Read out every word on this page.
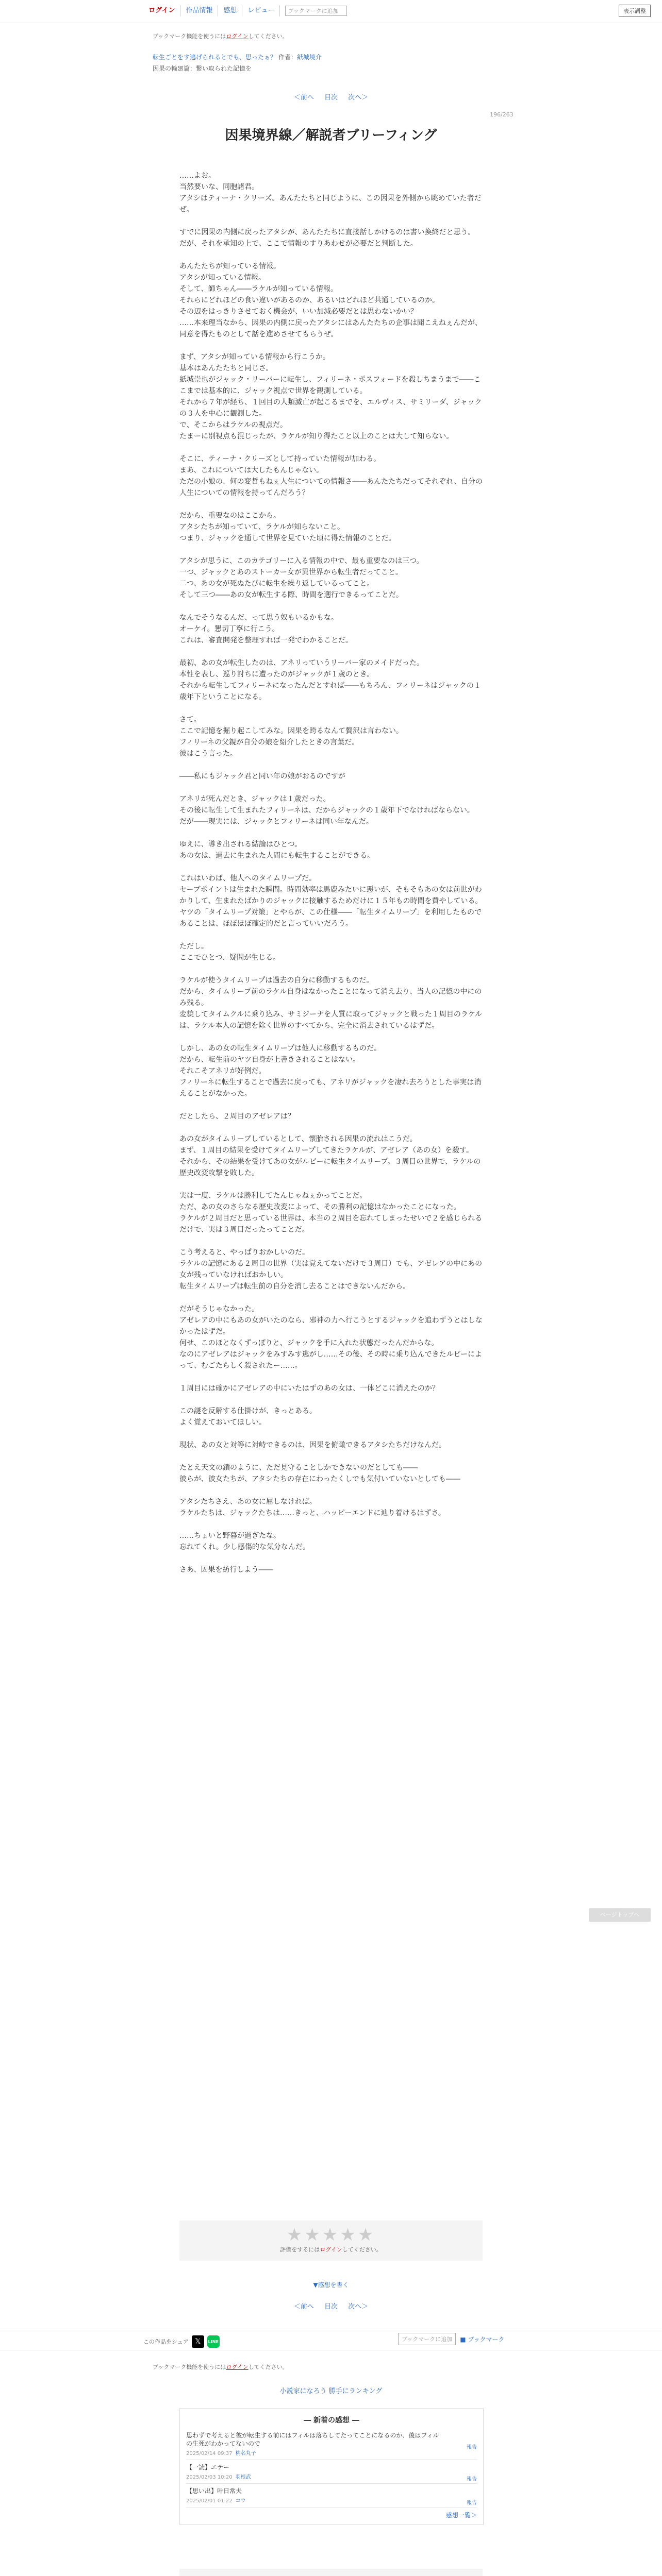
ログイン	作品情報	感想	レビュー	ブックマークに追加	表示調整
ブックマーク機能を使うにはログインしてください。
転生ごとをす逃げられるとでも、思ったぁ？ 作者：紙城境介
因果の輪廻篇：繋い取られた記憶を
＜前へ 目次 次へ＞
196/263
因果境界線／解説者ブリーフィング
……よお。
当然要いな、同胞諸君。
アタシはティーナ・クリーズ。あんたたちと同じように、この因果を外側から眺めていた者だぜ。
すでに因果の内側に戻ったアタシが、あんたたちに直接話しかけるのは書い換終だと思う。
だが、それを承知の上で、ここで情報のすりあわせが必要だと判断した。
あんたたちが知っている情報。
アタシが知っている情報。
そして、師ちゃん――ラケルが知っている情報。
それらにどれほどの食い違いがあるのか、あるいはどれほど共通しているのか。
その辺をはっきりさせておく機会が、いい加減必要だとは思わないかい？
……本来理当なから、因果の内側に戻ったアタシにはあんたたちの企事は聞こえねぇんだが、同意を得たものとして話を進めさせてもらうぜ。
まず、アタシが知っている情報から行こうか。
基本はあんたたちと同じさ。
紙城崇也がジャック・リーバーに転生し、フィリーネ・ポスフォードを殺しちまうまで――ここまでは基本的に、ジャック視点で世界を観測している。
それから７年が経ち、１回目の人類滅亡が起こるまでを、エルヴィス、サミリーダ、ジャックの３人を中心に観測した。
で、そこからはラケルの視点だ。
たまーに別視点も混じったが、ラケルが知り得たこと以上のことは大して知らない。
そこに、ティーナ・クリーズとして持っていた情報が加わる。
まあ、これについては大したもんじゃない。
ただの小娘の、何の変哲もねぇ人生についての情報さ――あんたたちだってそれぞれ、自分の人生についての情報を持ってんだろう？
だから、重要なのはここから。
アタシたちが知っていて、ラケルが知らないこと。
つまり、ジャックを通して世界を見ていた頃に得た情報のことだ。
アタシが思うに、このカテゴリーに入る情報の中で、最も重要なのは三つ。
一つ、ジャックとあのストーカー女が異世界から転生者だってこと。
二つ、あの女が死ぬたびに転生を繰り返しているってこと。
そして三つ――あの女が転生する際、時間を遡行できるってことだ。
なんでそうなるんだ、って思う奴もいるかもな。
オーケイ。懇切丁寧に行こう。
これは、審査開発を整理すれば一発でわかることだ。
最初、あの女が転生したのは、アネリっていうリーバー家のメイドだった。
本性を表し、巡り討ちに遭ったのがジャックが１歳のとき。
それから転生してフィリーネになったんだとすれば――もちろん、フィリーネはジャックの１歳年下ということになる。
さて。
ここで記憶を掘り起こしてみな。因果を跨るなんて贅沢は言わない。
フィリーネの父親が自分の娘を紹介したときの言葉だ。
彼はこう言った。
――私にもジャック君と同い年の娘がおるのですが
アネリが死んだとき、ジャックは１歳だった。
その後に転生して生まれたフィリーネは、だからジャックの１歳年下でなければならない。
だが――現実には、ジャックとフィリーネは同い年なんだ。
ゆえに、導き出される結論はひとつ。
あの女は、過去に生まれた人間にも転生することができる。
これはいわば、他人へのタイムリープだ。
セーブポイントは生まれた瞬間。時間効率は馬鹿みたいに悪いが、そもそもあの女は前世がわかりして、生まれたばかりのジャックに接触するためだけに１５年もの時間を費やしている。
ヤツの「タイムリープ対策」とやらが、この仕様――「転生タイムリープ」を利用したものであることは、ほぼほぼ確定的だと言っていいだろう。
ただし。
ここでひとつ、疑問が生じる。
ラケルが使うタイムリープは過去の自分に移動するものだ。
だから、タイムリープ前のラケル自身はなかったことになって消え去り、当人の記憶の中にのみ残る。
変貌してタイムクルに乗り込み、サミジーナを人質に取ってジャックと戦った１周目のラケルは、ラケル本人の記憶を除く世界のすべてから、完全に消去されているはずだ。
しかし、あの女の転生タイムリープは他人に移動するものだ。
だから、転生前のヤツ自身が上書きされることはない。
それこそアネリが好例だ。
フィリーネに転生することで過去に戻っても、アネリがジャックを凄れ去ろうとした事実は消えることがなかった。
だとしたら、２周目のアゼレアは？
あの女がタイムリープしているとして、懐胎される因果の流れはこうだ。
まず、１周目の結果を受けてタイムリープしてきたラケルが、アゼレア（あの女）を殺す。
それから、その結果を受けてあの女がルビーに転生タイムリープ。３周目の世界で、ラケルの歴史改変攻撃を敗した。
実は一度、ラケルは勝利してたんじゃねぇかってことだ。
ただ、あの女のさらなる歴史改変によって、その勝利の記憶はなかったことになった。
ラケルが２周目だと思っている世界は、本当の２周目を忘れてしまったせいで２を感じられるだけで、実は３周目だったってことだ。
こう考えると、やっぱりおかしいのだ。
ラケルの記憶にある２周目の世界（実は覚えてないだけで３周目）でも、アゼレアの中にあの女が残っていなければおかしい。
転生タイムリープは転生前の自分を消し去ることはできないんだから。
だがそうじゃなかった。
アゼレアの中にもあの女がいたのなら、邪神の力へ行こうとするジャックを追わずうとはしなかったはずだ。
何せ、このほとなくずっぽりと、ジャックを手に入れた状態だったんだからな。
なのにアゼレアはジャックをみすみす逃がし……その後、その時に乗り込んできたルビーによって、むごたらしく殺されたー……。
１周目には確かにアゼレアの中にいたはずのあの女は、一体どこに消えたのか？
この謎を反解する仕掛けが、きっとある。
よく覚えておいてほしい。
現状、あの女と対等に対峙できるのは、因果を俯瞰できるアタシたちだけなんだ。
たとえ天文の鎖のように、ただ見守ることしかできないのだとしても――
彼らが、彼女たちが、アタシたちの存在にわったくしでも気付いていないとしても――
アタシたちさえ、あの女に屈しなければ。
ラケルたちは、ジャックたちは……きっと、ハッピーエンドに辿り着けるはずさ。
……ちょいと野暮が過ぎたな。
忘れてくれ。少し感傷的な気分なんだ。
さあ、因果を紡行しよう――
★★★★★
評価をするにはログインしてください。
▼感想を書く
＜前へ 目次 次へ＞
この作品をシェア 𝕏	LINE	ブックマークに追加	■ ブックマーク
ブックマーク機能を使うにはログインしてください。
小説家になろう 勝手にランキング
― 新着の感想 ―
思わずで考えると彼が転生する前にはフィルは落ちしてたってことになるのか、後はフィルの生死がわかってないので
2025/02/14 09:37 桃名丸子
報告
【一読】エテー
2025/02/03 10:20 羽根武	報告
【思い出】叶日常夫
2025/02/01 01:22 コウ	報告
感想一覧＞
ページトップへ
